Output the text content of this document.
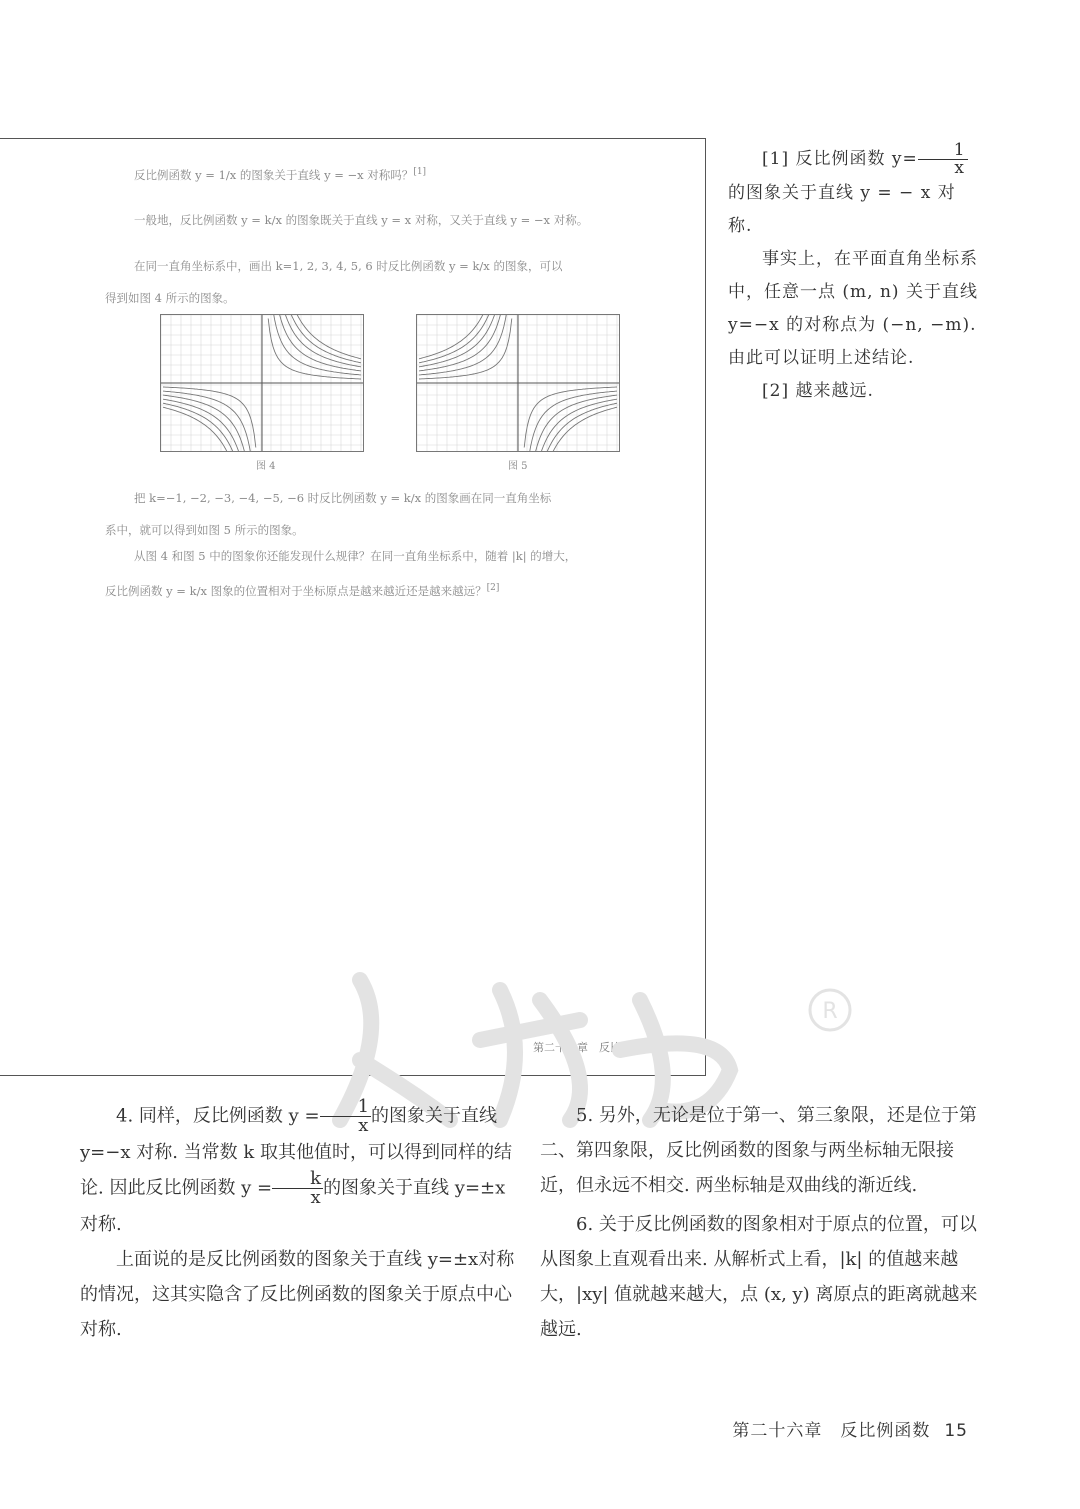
反比例函数 y = 1/x 的图象关于直线 y = −x 对称吗？[1]

一般地，反比例函数 y = k/x 的图象既关于直线 y = x 对称，又关于直线 y = −x 对称。

在同一直角坐标系中，画出 k=1, 2, 3, 4, 5, 6 时反比例函数 y = k/x 的图象，可以

得到如图 4 所示的图象。

图 4	图 5

把 k=−1, −2, −3, −4, −5, −6 时反比例函数 y = k/x 的图象画在同一直角坐标

系中，就可以得到如图 5 所示的图象。

从图 4 和图 5 中的图象你还能发现什么规律？在同一直角坐标系中，随着 |k| 的增大，

反比例函数 y = k/x 图象的位置相对于坐标原点是越来越近还是越来越远？[2]

第二十六章　反比例函数　11

[1] 反比例函数 $y= \frac{1}{x}$
的图象关于直线 y = − x 对称.

事实上，在平面直角坐标系中，任意一点 (m, n) 关于直线 y=−x 的对称点为 (−n, −m). 由此可以证明上述结论.

[2] 越来越远.

R

4. 同样，反比例函数 $y = \frac{1}{x}$ 的图象关于直线 y=−x 对称. 当常数 k 取其他值时，可以得到同样的结论. 因此反比例函数 $y = \frac{k}{x}$ 的图象关于直线 y=±x 对称.

上面说的是反比例函数的图象关于直线 y=±x对称的情况，这其实隐含了反比例函数的图象关于原点中心对称.

5. 另外，无论是位于第一、第三象限，还是位于第二、第四象限，反比例函数的图象与两坐标轴无限接近，但永远不相交. 两坐标轴是双曲线的渐近线.

6. 关于反比例函数的图象相对于原点的位置，可以从图象上直观看出来. 从解析式上看，|k| 的值越来越大，|xy| 值就越来越大，点 (x, y) 离原点的距离就越来越远.

第二十六章　反比例函数 15
